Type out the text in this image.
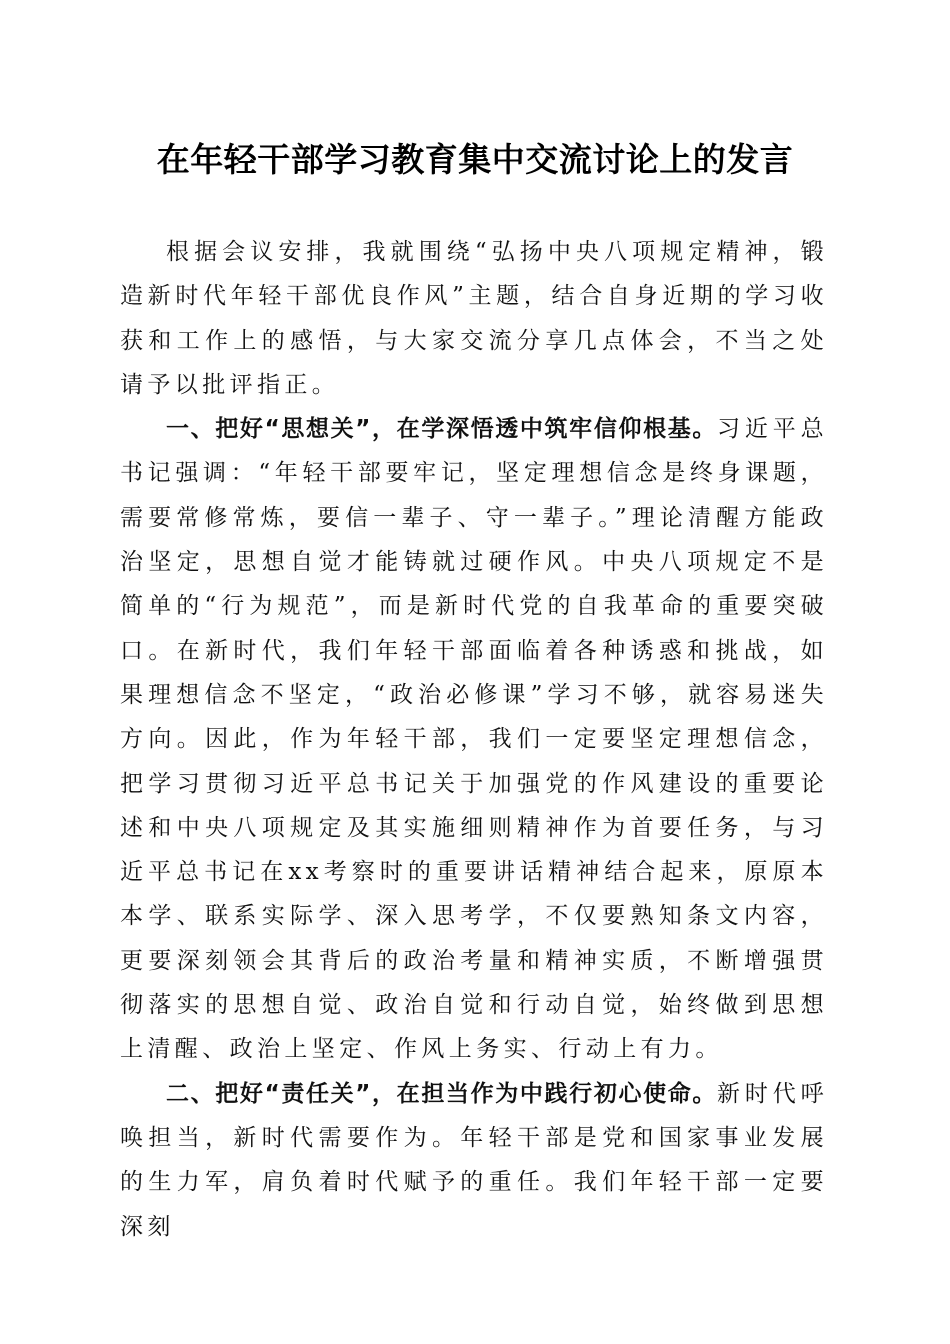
在年轻干部学习教育集中交流讨论上的发言

根据会议安排，我就围绕“弘扬中央八项规定精神，锻造新时代年轻干部优良作风”主题，结合自身近期的学习收获和工作上的感悟，与大家交流分享几点体会，不当之处请予以批评指正。

一、把好“思想关”，在学深悟透中筑牢信仰根基。习近平总书记强调：“年轻干部要牢记，坚定理想信念是终身课题，需要常修常炼，要信一辈子、守一辈子。”理论清醒方能政治坚定，思想自觉才能铸就过硬作风。中央八项规定不是简单的“行为规范”，而是新时代党的自我革命的重要突破口。在新时代，我们年轻干部面临着各种诱惑和挑战，如果理想信念不坚定，“政治必修课”学习不够，就容易迷失方向。因此，作为年轻干部，我们一定要坚定理想信念，把学习贯彻习近平总书记关于加强党的作风建设的重要论述和中央八项规定及其实施细则精神作为首要任务，与习近平总书记在xx考察时的重要讲话精神结合起来，原原本本学、联系实际学、深入思考学，不仅要熟知条文内容，更要深刻领会其背后的政治考量和精神实质，不断增强贯彻落实的思想自觉、政治自觉和行动自觉，始终做到思想上清醒、政治上坚定、作风上务实、行动上有力。

二、把好“责任关”，在担当作为中践行初心使命。新时代呼唤担当，新时代需要作为。年轻干部是党和国家事业发展的生力军，肩负着时代赋予的重任。我们年轻干部一定要深刻
